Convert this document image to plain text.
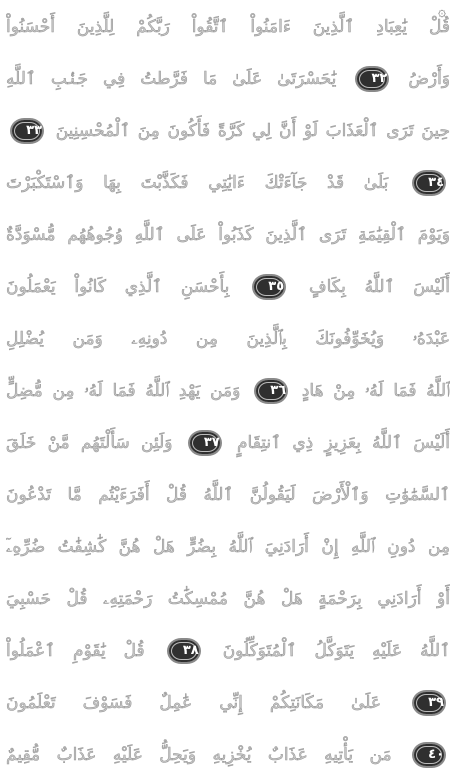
۞
قُلْ يَٰعِبَادِ ٱلَّذِينَ ءَامَنُواْ ٱتَّقُواْ رَبَّكُمْ لِلَّذِينَ أَحْسَنُواْ
وَأَرْضُ ٣٢ يَٰحَسْرَتَىٰ عَلَىٰ مَا فَرَّطتُ فِي جَنۢبِ ٱللَّهِ
حِينَ تَرَى ٱلْعَذَابَ لَوْ أَنَّ لِي كَرَّةً فَأَكُونَ مِنَ ٱلْمُحْسِنِينَ ٣٣
٣٤ بَلَىٰ قَدْ جَآءَتْكَ ءَايَٰتِي فَكَذَّبْتَ بِهَا وَٱسْتَكْبَرْتَ
وَيَوْمَ ٱلْقِيَٰمَةِ تَرَى ٱلَّذِينَ كَذَبُواْ عَلَى ٱللَّهِ وُجُوهُهُم مُّسْوَدَّةٌ
أَلَيْسَ ٱللَّهُ بِكَافٍ ٣٥ بِأَحْسَنِ ٱلَّذِي كَانُواْ يَعْمَلُونَ
عَبْدَهُۥ وَيُخَوِّفُونَكَ بِٱلَّذِينَ مِن دُونِهِۦ وَمَن يُضْلِلِ
ٱللَّهُ فَمَا لَهُۥ مِنْ هَادٍ ٣٦ وَمَن يَهْدِ ٱللَّهُ فَمَا لَهُۥ مِن مُّضِلٍّ
أَلَيْسَ ٱللَّهُ بِعَزِيزٍ ذِي ٱنتِقَامٍ ٣٧ وَلَئِن سَأَلْتَهُم مَّنْ خَلَقَ
ٱلسَّمَٰوَٰتِ وَٱلْأَرْضَ لَيَقُولُنَّ ٱللَّهُ قُلْ أَفَرَءَيْتُم مَّا تَدْعُونَ
مِن دُونِ ٱللَّهِ إِنْ أَرَادَنِيَ ٱللَّهُ بِضُرٍّ هَلْ هُنَّ كَٰشِفَٰتُ ضُرِّهِۦٓ
أَوْ أَرَادَنِي بِرَحْمَةٍ هَلْ هُنَّ مُمْسِكَٰتُ رَحْمَتِهِۦ قُلْ حَسْبِيَ
ٱللَّهُ عَلَيْهِ يَتَوَكَّلُ ٱلْمُتَوَكِّلُونَ ٣٨ قُلْ يَٰقَوْمِ ٱعْمَلُواْ
٣٩ عَلَىٰ مَكَانَتِكُمْ إِنِّي عَٰمِلٌ فَسَوْفَ تَعْلَمُونَ
٤٠ مَن يَأْتِيهِ عَذَابٌ يُخْزِيهِ وَيَحِلُّ عَلَيْهِ عَذَابٌ مُّقِيمٌ
